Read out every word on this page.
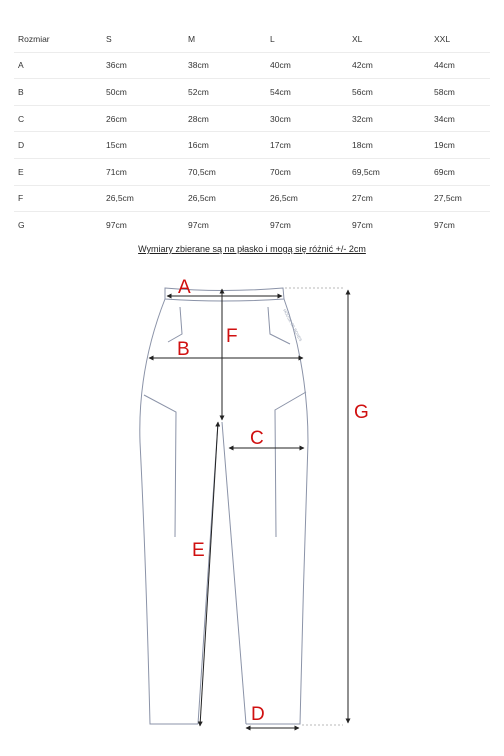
Rozmiar	S	M	L	XL	XXL
A	36cm	38cm	40cm	42cm	44cm
B	50cm	52cm	54cm	56cm	58cm
C	26cm	28cm	30cm	32cm	34cm
D	15cm	16cm	17cm	18cm	19cm
E	71cm	70,5cm	70cm	69,5cm	69cm
F	26,5cm	26,5cm	26,5cm	27cm	27,5cm
G	97cm	97cm	97cm	97cm	97cm
Wymiary zbierane są na płasko i mogą się różnić +/- 2cm
HOUSE OF BOXES
A
B
F
C
E
D
G
